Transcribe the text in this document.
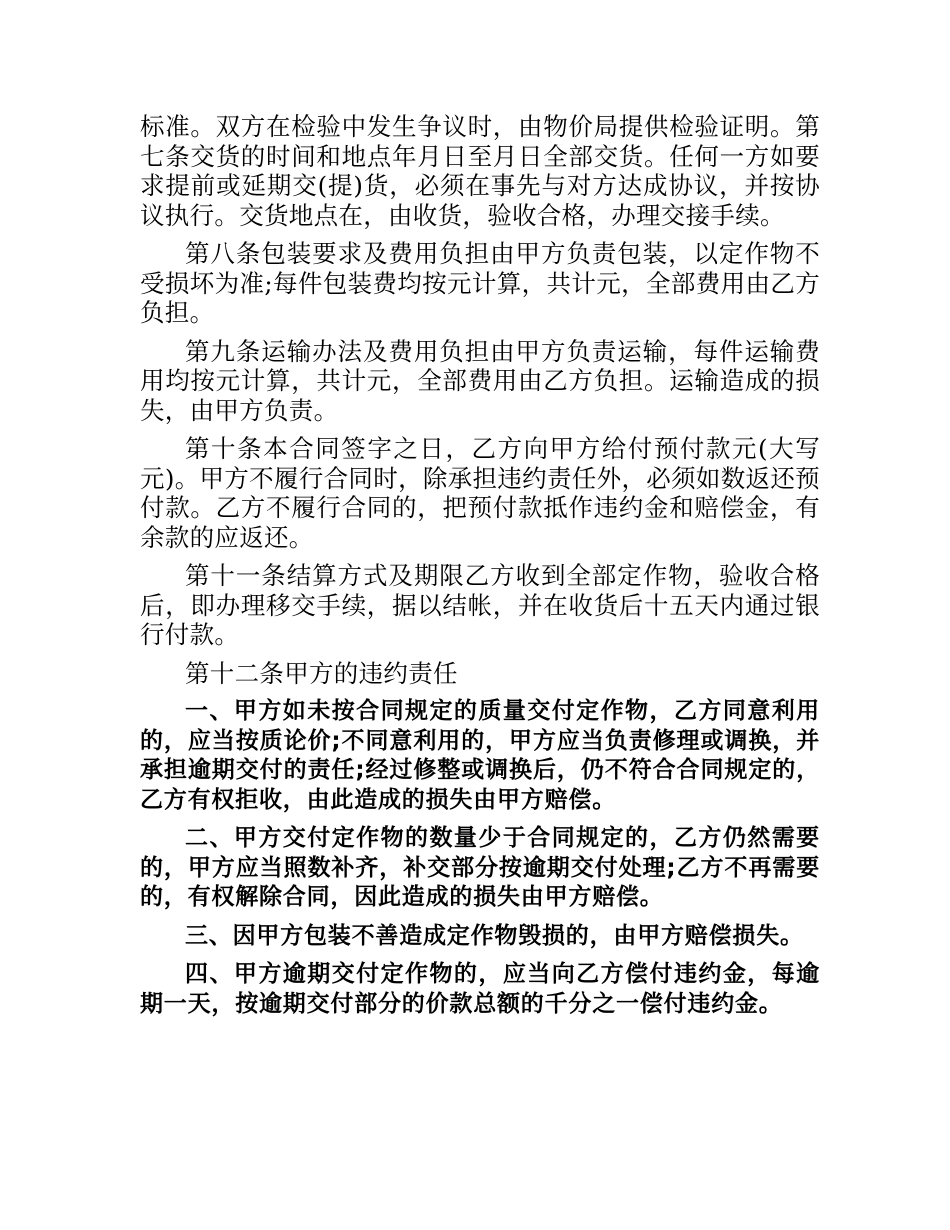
标准。双方在检验中发生争议时，由物价局提供检验证明。第七条交货的时间和地点年月日至月日全部交货。任何一方如要求提前或延期交(提)货，必须在事先与对方达成协议，并按协议执行。交货地点在，由收货，验收合格，办理交接手续。

第八条包装要求及费用负担由甲方负责包装，以定作物不受损坏为准;每件包装费均按元计算，共计元，全部费用由乙方负担。

第九条运输办法及费用负担由甲方负责运输，每件运输费用均按元计算，共计元，全部费用由乙方负担。运输造成的损失，由甲方负责。

第十条本合同签字之日，乙方向甲方给付预付款元(大写元)。甲方不履行合同时，除承担违约责任外，必须如数返还预付款。乙方不履行合同的，把预付款抵作违约金和赔偿金，有余款的应返还。

第十一条结算方式及期限乙方收到全部定作物，验收合格后，即办理移交手续，据以结帐，并在收货后十五天内通过银行付款。

第十二条甲方的违约责任

一、甲方如未按合同规定的质量交付定作物，乙方同意利用的，应当按质论价;不同意利用的，甲方应当负责修理或调换，并承担逾期交付的责任;经过修整或调换后，仍不符合合同规定的，乙方有权拒收，由此造成的损失由甲方赔偿。

二、甲方交付定作物的数量少于合同规定的，乙方仍然需要的，甲方应当照数补齐，补交部分按逾期交付处理;乙方不再需要的，有权解除合同，因此造成的损失由甲方赔偿。

三、因甲方包装不善造成定作物毁损的，由甲方赔偿损失。

四、甲方逾期交付定作物的，应当向乙方偿付违约金，每逾期一天，按逾期交付部分的价款总额的千分之一偿付违约金。
